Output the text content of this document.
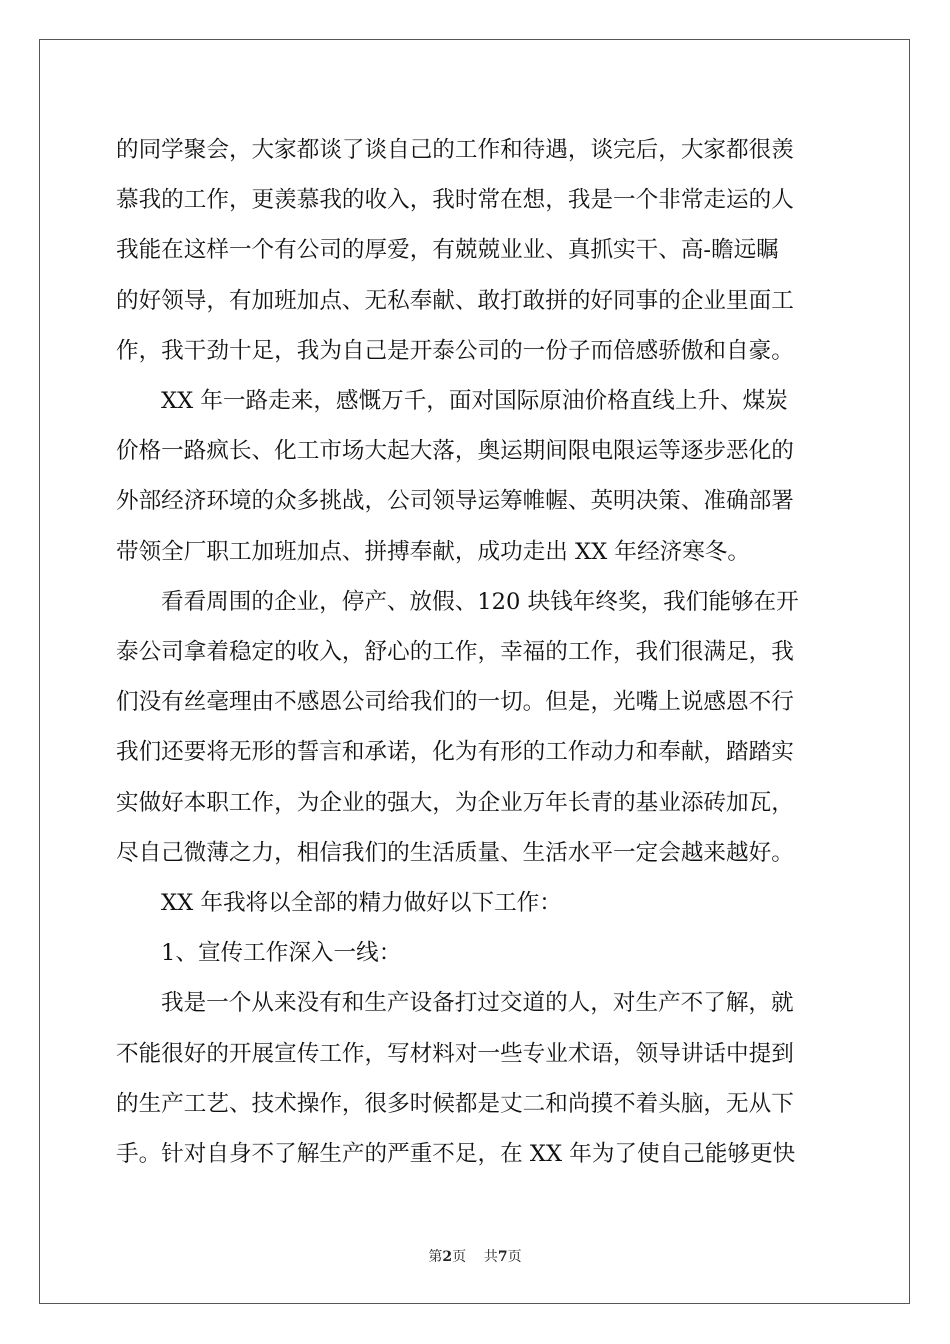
的同学聚会，大家都谈了谈自己的工作和待遇，谈完后，大家都很羡
慕我的工作，更羡慕我的收入，我时常在想，我是一个非常走运的人
我能在这样一个有公司的厚爱，有兢兢业业、真抓实干、高-瞻远瞩
的好领导，有加班加点、无私奉献、敢打敢拼的好同事的企业里面工
作，我干劲十足，我为自己是开泰公司的一份子而倍感骄傲和自豪。
XX 年一路走来，感慨万千，面对国际原油价格直线上升、煤炭
价格一路疯长、化工市场大起大落，奥运期间限电限运等逐步恶化的
外部经济环境的众多挑战，公司领导运筹帷幄、英明决策、准确部署
带领全厂职工加班加点、拼搏奉献，成功走出 XX 年经济寒冬。
看看周围的企业，停产、放假、120 块钱年终奖，我们能够在开
泰公司拿着稳定的收入，舒心的工作，幸福的工作，我们很满足，我
们没有丝毫理由不感恩公司给我们的一切。但是，光嘴上说感恩不行
我们还要将无形的誓言和承诺，化为有形的工作动力和奉献，踏踏实
实做好本职工作，为企业的强大，为企业万年长青的基业添砖加瓦，
尽自己微薄之力，相信我们的生活质量、生活水平一定会越来越好。
XX 年我将以全部的精力做好以下工作：
1、宣传工作深入一线：
我是一个从来没有和生产设备打过交道的人，对生产不了解，就
不能很好的开展宣传工作，写材料对一些专业术语，领导讲话中提到
的生产工艺、技术操作，很多时候都是丈二和尚摸不着头脑，无从下
手。针对自身不了解生产的严重不足，在 XX 年为了使自己能够更快
第2页 共7页
